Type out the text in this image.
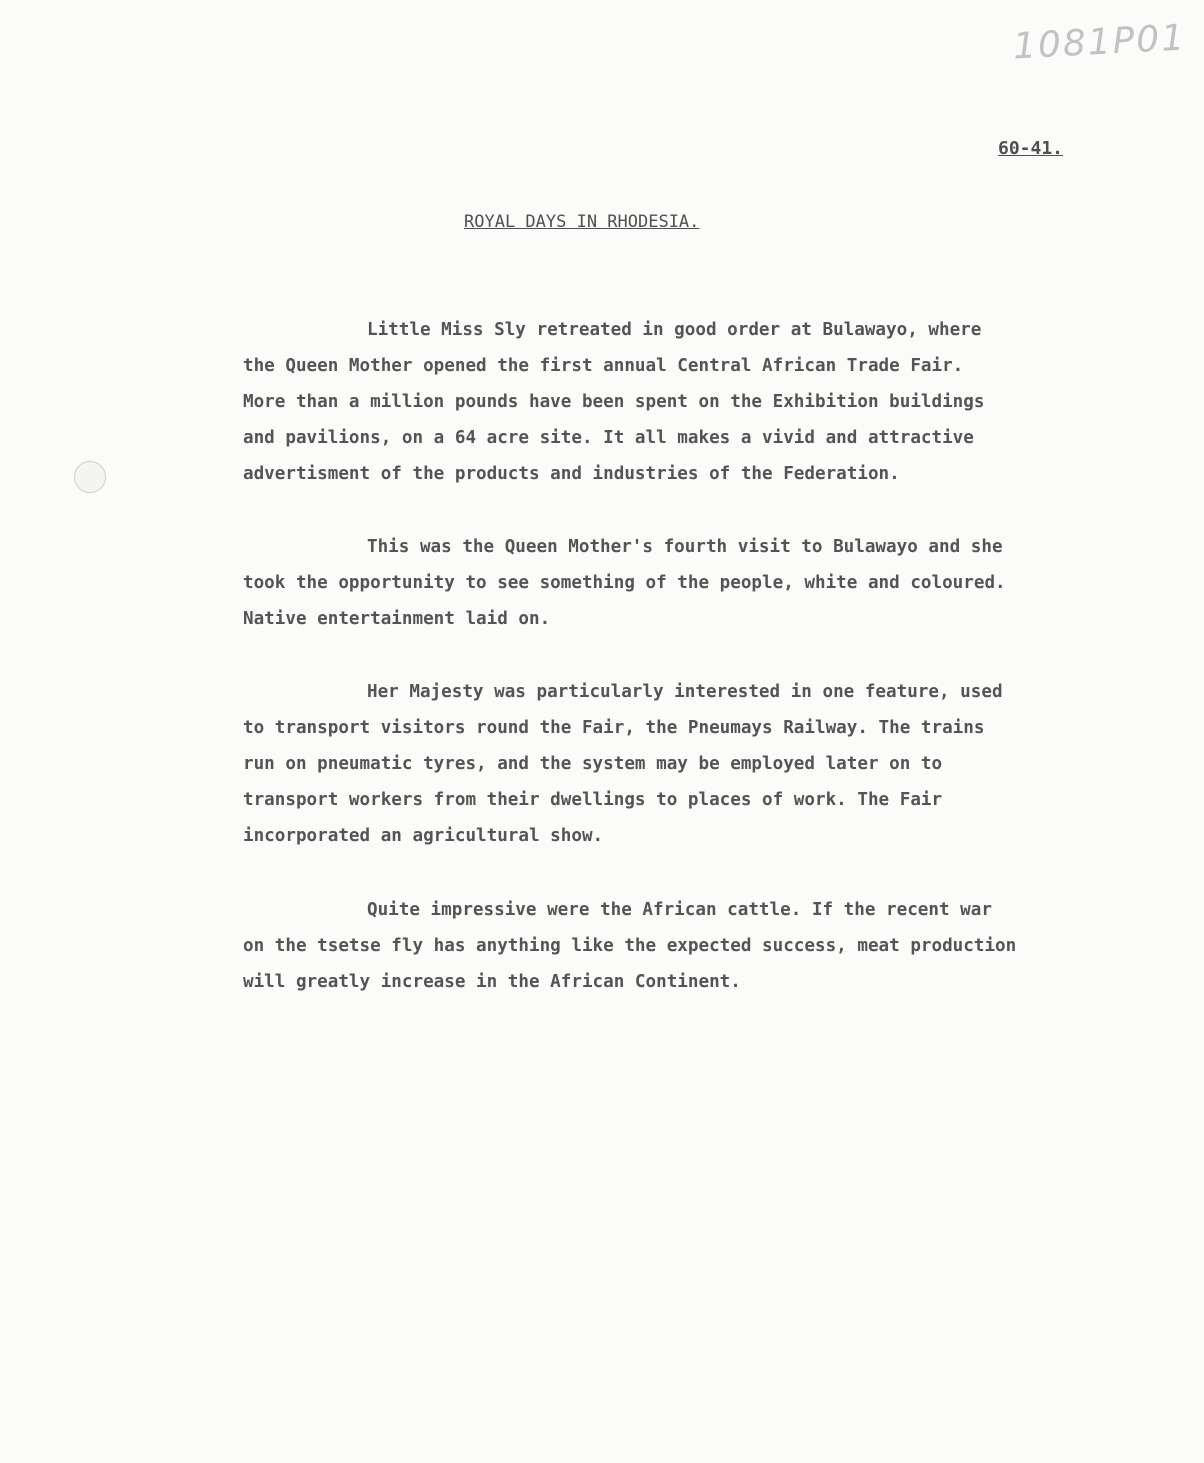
1081P01
60-41.
ROYAL DAYS IN RHODESIA.

Little Miss Sly retreated in good order at Bulawayo, where
the Queen Mother opened the first annual Central African Trade Fair.
More than a million pounds have been spent on the Exhibition buildings
and pavilions, on a 64 acre site. It all makes a vivid and attractive
advertisment of the products and industries of the Federation.

This was the Queen Mother's fourth visit to Bulawayo and she
took the opportunity to see something of the people, white and coloured.
Native entertainment laid on.

Her Majesty was particularly interested in one feature, used
to transport visitors round the Fair, the Pneumays Railway. The trains
run on pneumatic tyres, and the system may be employed later on to
transport workers from their dwellings to places of work. The Fair
incorporated an agricultural show.

Quite impressive were the African cattle. If the recent war
on the tsetse fly has anything like the expected success, meat production
will greatly increase in the African Continent.
